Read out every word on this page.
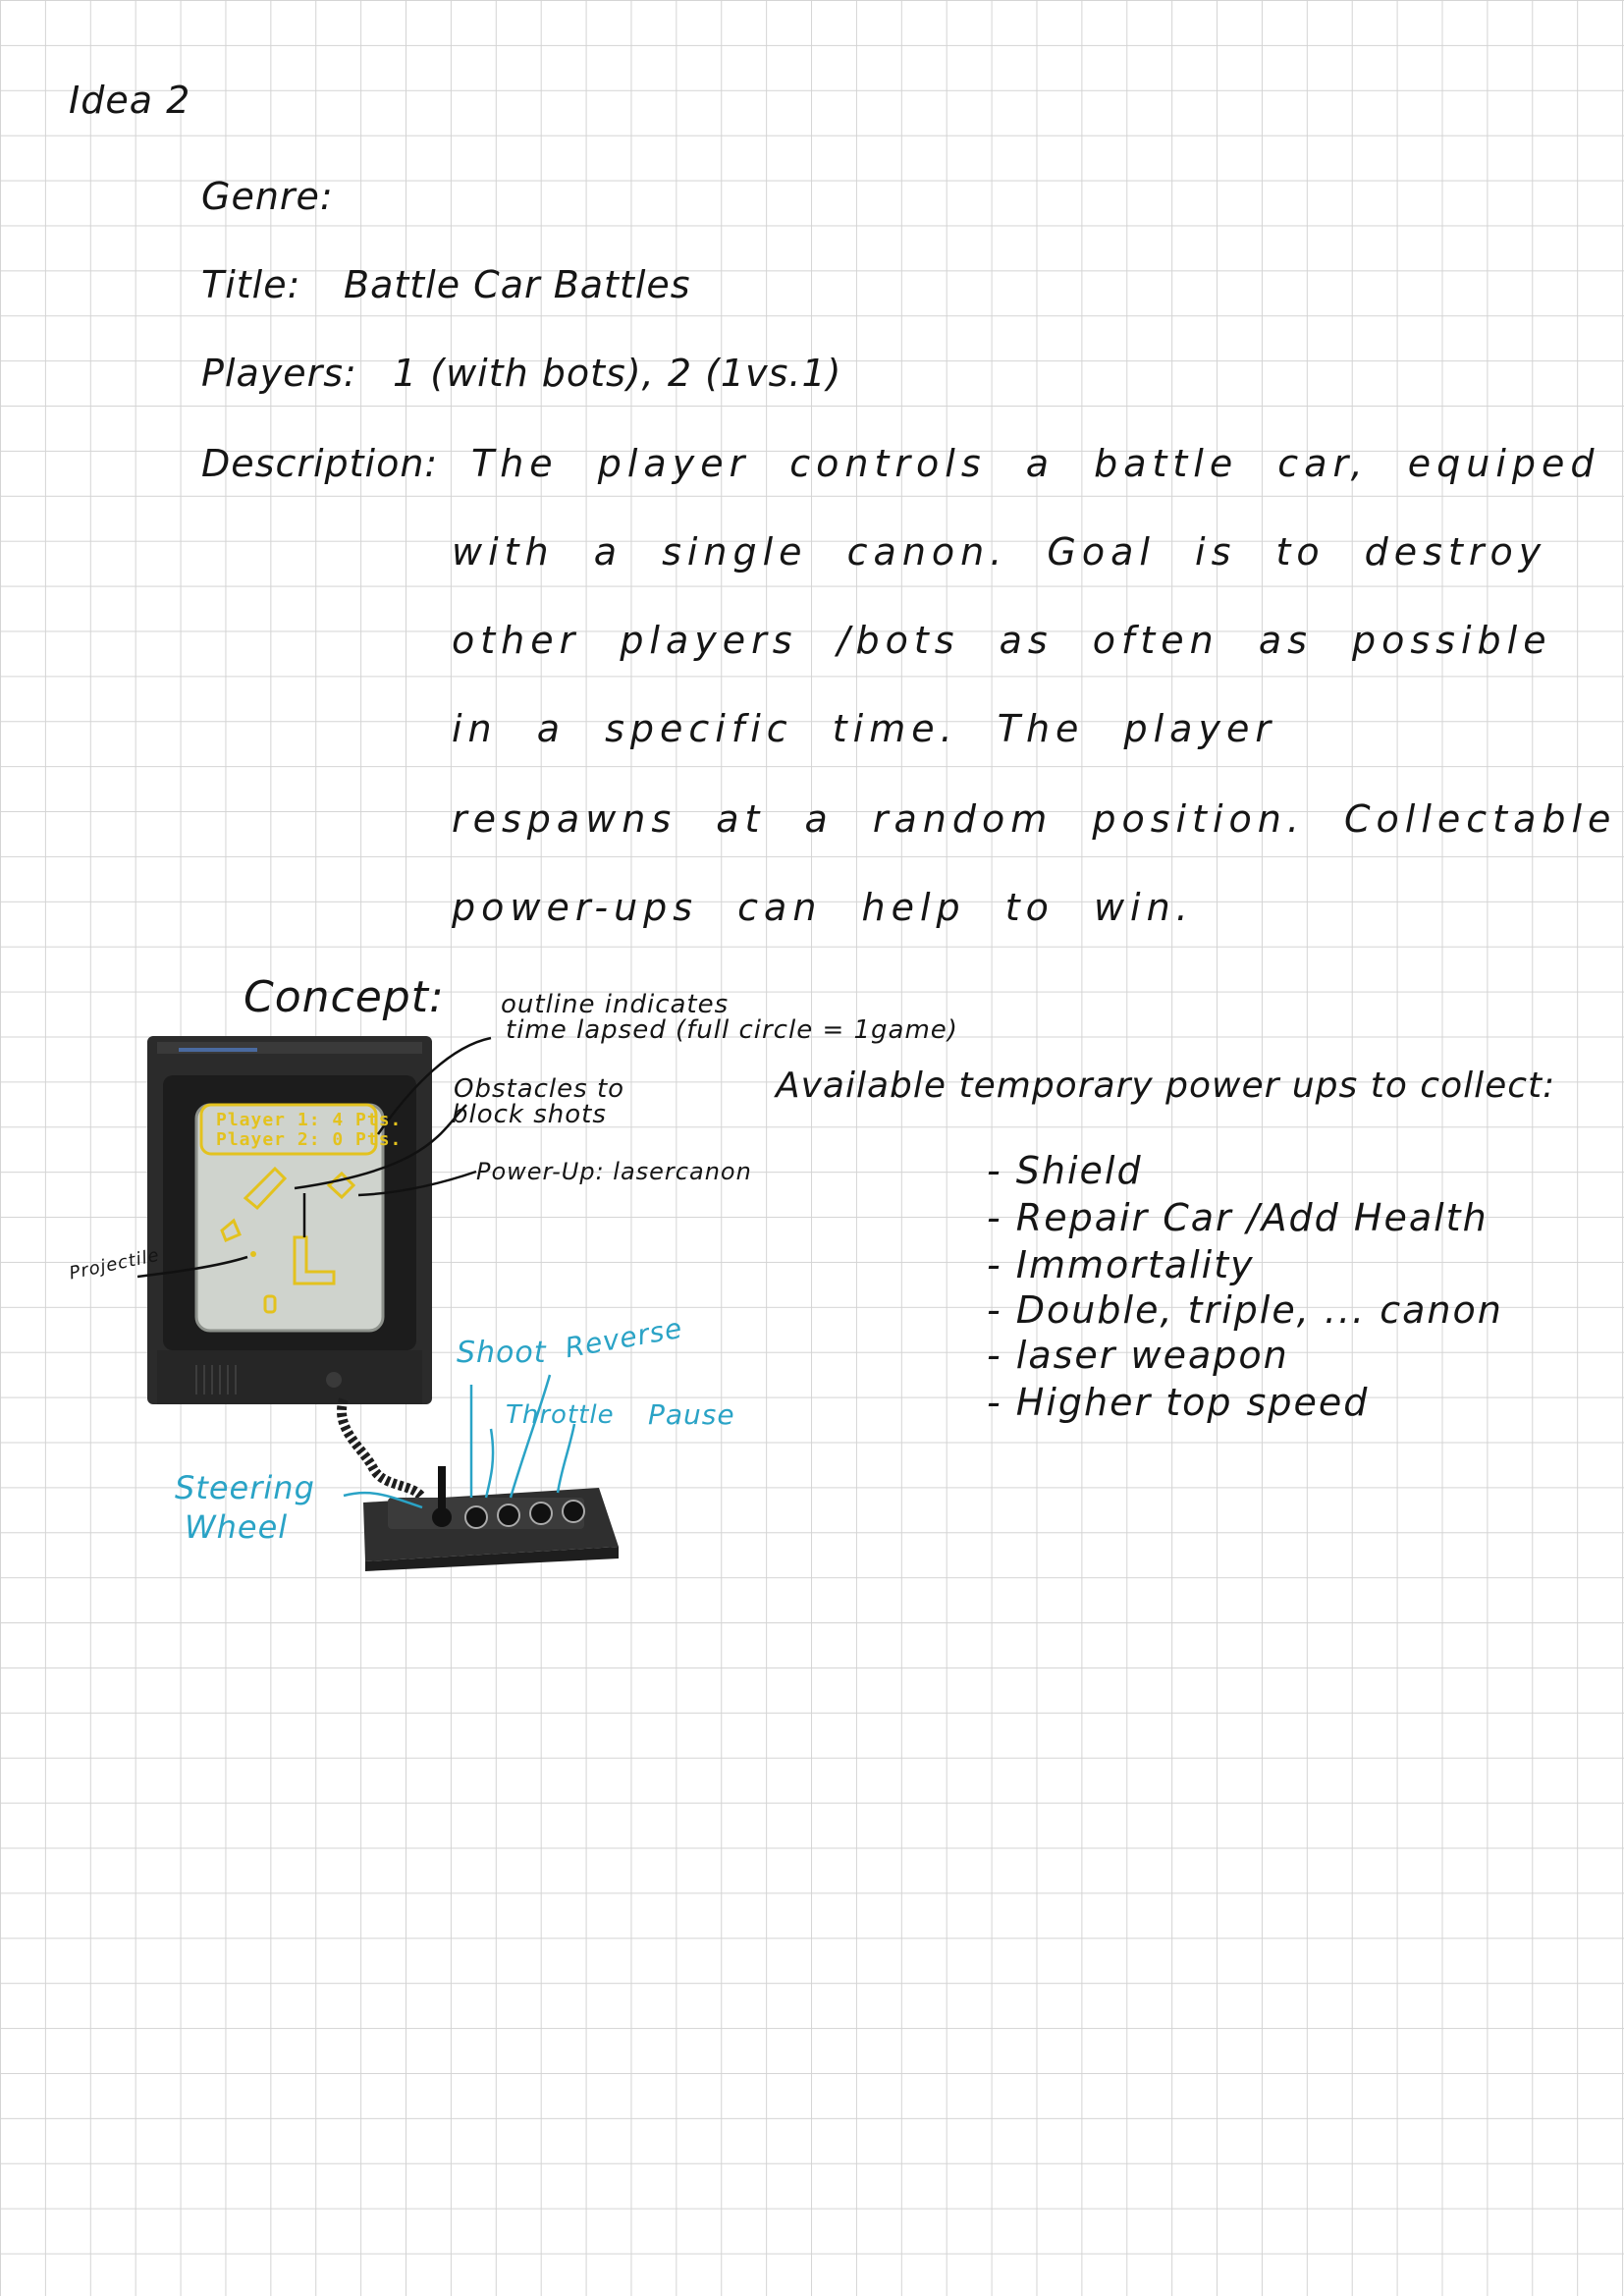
Idea 2
Genre:
Title: Battle Car Battles
Players: 1 (with bots), 2 (1vs.1)
Description: The player controls a battle car, equiped
with a single canon. Goal is to destroy
other players /bots as often as possible
in a specific time. The player
respawns at a random position. Collectable
power-ups can help to win.
Concept:
Player 1: 4 Pts.
Player 2: 0 Pts.
outline indicates
time lapsed (full circle = 1game)
Obstacles to
block shots
Power-Up: lasercanon
Projectile
Shoot Reverse
Throttle Pause
Steering
Wheel
Available temporary power ups to collect:
- Shield
- Repair Car /Add Health
- Immortality
- Double, triple, ... canon
- laser weapon
- Higher top speed
